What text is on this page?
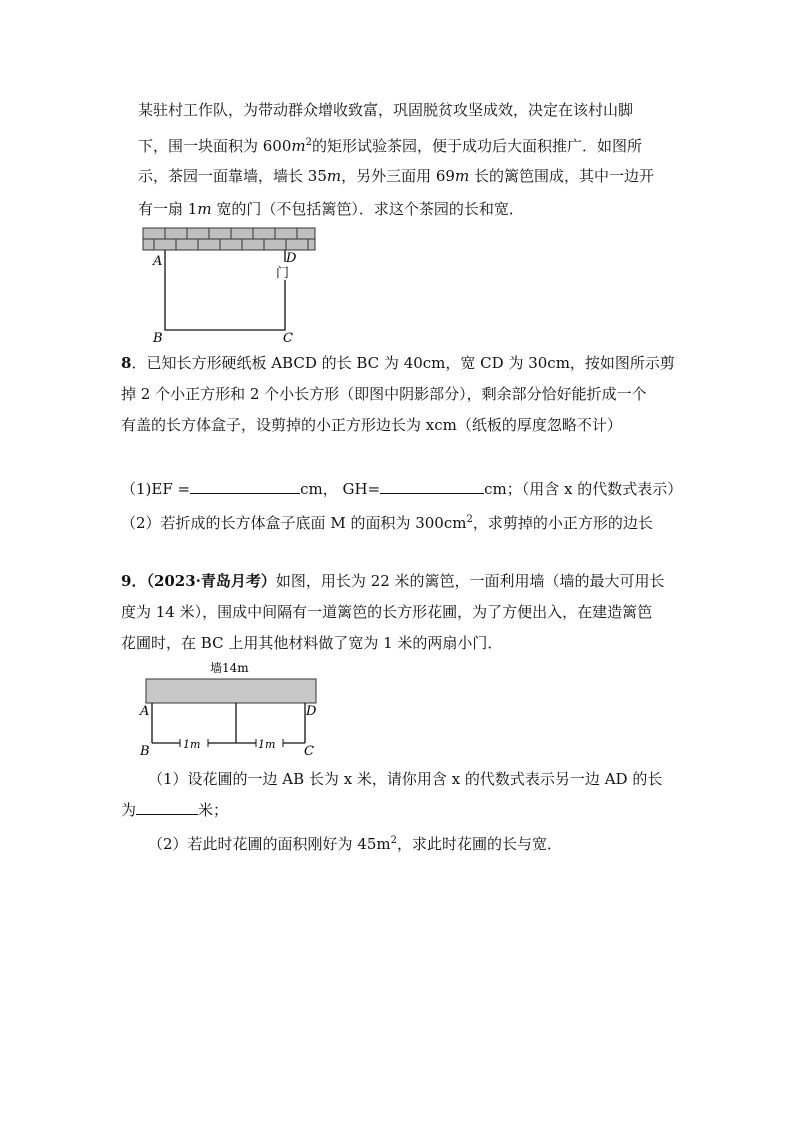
某驻村工作队，为带动群众增收致富，巩固脱贫攻坚成效，决定在该村山脚
下，围一块面积为 $600m^2$的矩形试验茶园，便于成功后大面积推广．如图所
示，茶园一面靠墙，墙长 35m，另外三面用 69m 长的篱笆围成，其中一边开
有一扇 1m 宽的门（不包括篱笆）．求这个茶园的长和宽．
A	D
门
B	C
8．已知长方形硬纸板 ABCD 的长 BC 为 40cm，宽 CD 为 30cm，按如图所示剪
掉 2 个小正方形和 2 个小长方形（即图中阴影部分），剩余部分恰好能折成一个
有盖的长方体盒子，设剪掉的小正方形边长为 xcm（纸板的厚度忽略不计）
（1)EF =	cm， GH=	cm；（用含 x 的代数式表示）
（2）若折成的长方体盒子底面 M 的面积为 $300cm^2$，求剪掉的小正方形的边长
9．（2023·青岛月考）如图，用长为 22 米的篱笆，一面利用墙（墙的最大可用长
度为 14 米），围成中间隔有一道篱笆的长方形花圃，为了方便出入，在建造篱笆
花圃时，在 BC 上用其他材料做了宽为 1 米的两扇小门．
墙14m
1m	1m
A	D
B	C
（1）设花圃的一边 AB 长为 x 米，请你用含 x 的代数式表示另一边 AD 的长
为	米；
（2）若此时花圃的面积刚好为 $45m^2$，求此时花圃的长与宽．
